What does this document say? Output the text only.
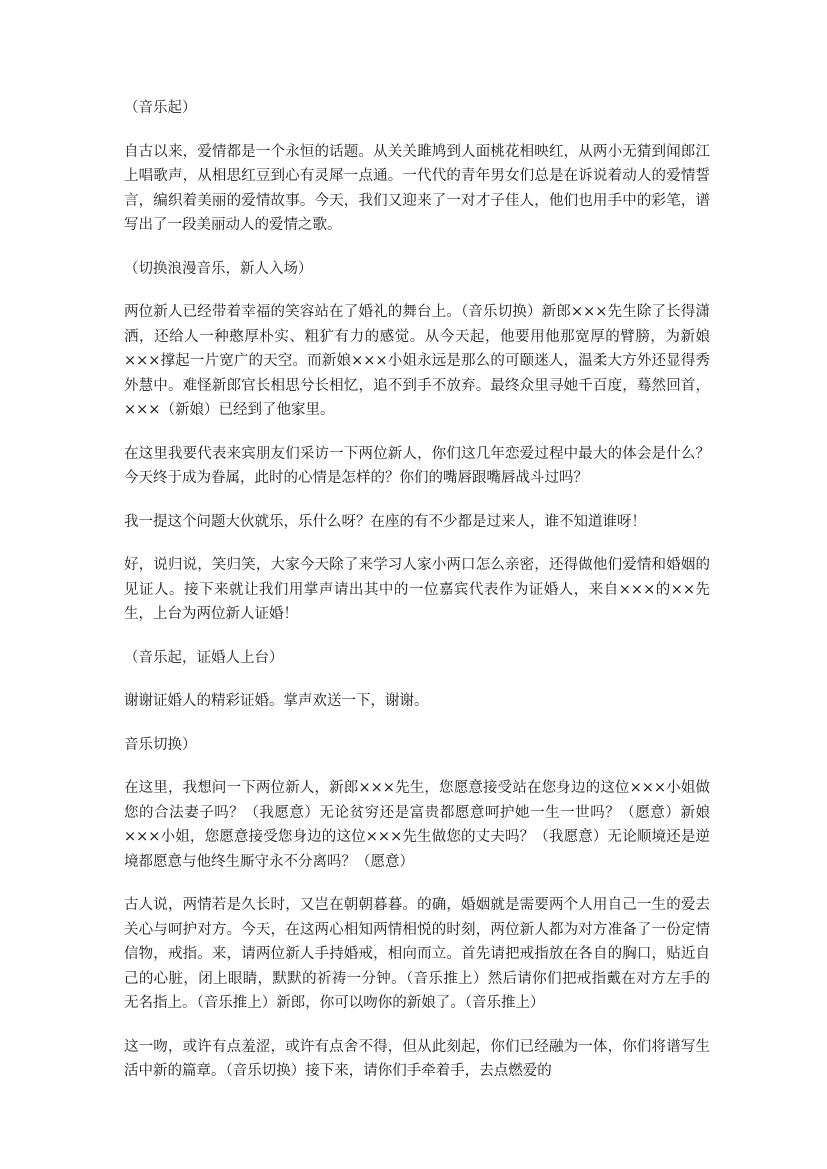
（音乐起）

自古以来，爱情都是一个永恒的话题。从关关雎鸠到人面桃花相映红，从两小无猜到闻郎江上唱歌声，从相思红豆到心有灵犀一点通。一代代的青年男女们总是在诉说着动人的爱情誓言，编织着美丽的爱情故事。今天，我们又迎来了一对才子佳人，他们也用手中的彩笔，谱写出了一段美丽动人的爱情之歌。

（切换浪漫音乐，新人入场）

两位新人已经带着幸福的笑容站在了婚礼的舞台上。（音乐切换）新郎×××先生除了长得潇洒，还给人一种憨厚朴实、粗犷有力的感觉。从今天起，他要用他那宽厚的臂膀，为新娘×××撑起一片宽广的天空。而新娘×××小姐永远是那么的可颐迷人，温柔大方外还显得秀外慧中。难怪新郎官长相思兮长相忆，追不到手不放弃。最终众里寻她千百度，蓦然回首，×××（新娘）已经到了他家里。

在这里我要代表来宾朋友们采访一下两位新人，你们这几年恋爱过程中最大的体会是什么？今天终于成为眷属，此时的心情是怎样的？你们的嘴唇跟嘴唇战斗过吗？

我一提这个问题大伙就乐，乐什么呀？在座的有不少都是过来人，谁不知道谁呀！

好，说归说，笑归笑，大家今天除了来学习人家小两口怎么亲密，还得做他们爱情和婚姻的见证人。接下来就让我们用掌声请出其中的一位嘉宾代表作为证婚人，来自×××的××先生，上台为两位新人证婚！

（音乐起，证婚人上台）

谢谢证婚人的精彩证婚。掌声欢送一下，谢谢。

音乐切换）

在这里，我想问一下两位新人，新郎×××先生，您愿意接受站在您身边的这位×××小姐做您的合法妻子吗？（我愿意）无论贫穷还是富贵都愿意呵护她一生一世吗？（愿意）新娘×××小姐，您愿意接受您身边的这位×××先生做您的丈夫吗？（我愿意）无论顺境还是逆境都愿意与他终生厮守永不分离吗？（愿意）

古人说，两情若是久长时，又岂在朝朝暮暮。的确，婚姻就是需要两个人用自己一生的爱去关心与呵护对方。今天，在这两心相知两情相悦的时刻，两位新人都为对方准备了一份定情信物，戒指。来，请两位新人手持婚戒，相向而立。首先请把戒指放在各自的胸口，贴近自己的心脏，闭上眼睛，默默的祈祷一分钟。（音乐推上）然后请你们把戒指戴在对方左手的无名指上。（音乐推上）新郎，你可以吻你的新娘了。（音乐推上）

这一吻，或许有点羞涩，或许有点舍不得，但从此刻起，你们已经融为一体，你们将谱写生活中新的篇章。（音乐切换）接下来，请你们手牵着手，去点燃爱的
